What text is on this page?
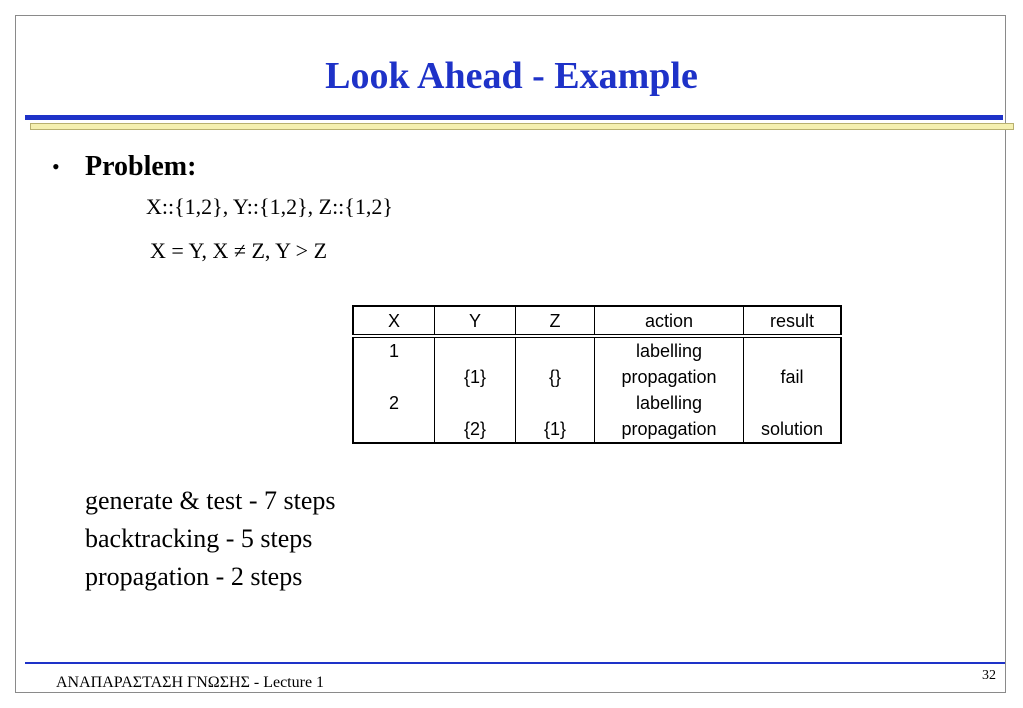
Look Ahead - Example
• Problem:
X::{1,2}, Y::{1,2}, Z::{1,2}
X = Y, X ≠ Z, Y > Z
X	Y	Z	action	result
1			labelling	
	{1}	{}	propagation	fail
2			labelling	
	{2}	{1}	propagation	solution
generate & test - 7 steps
backtracking - 5 steps
propagation - 2 steps
ΑΝΑΠΑΡΑΣΤΑΣΗ ΓΝΩΣΗΣ - Lecture 1	32
